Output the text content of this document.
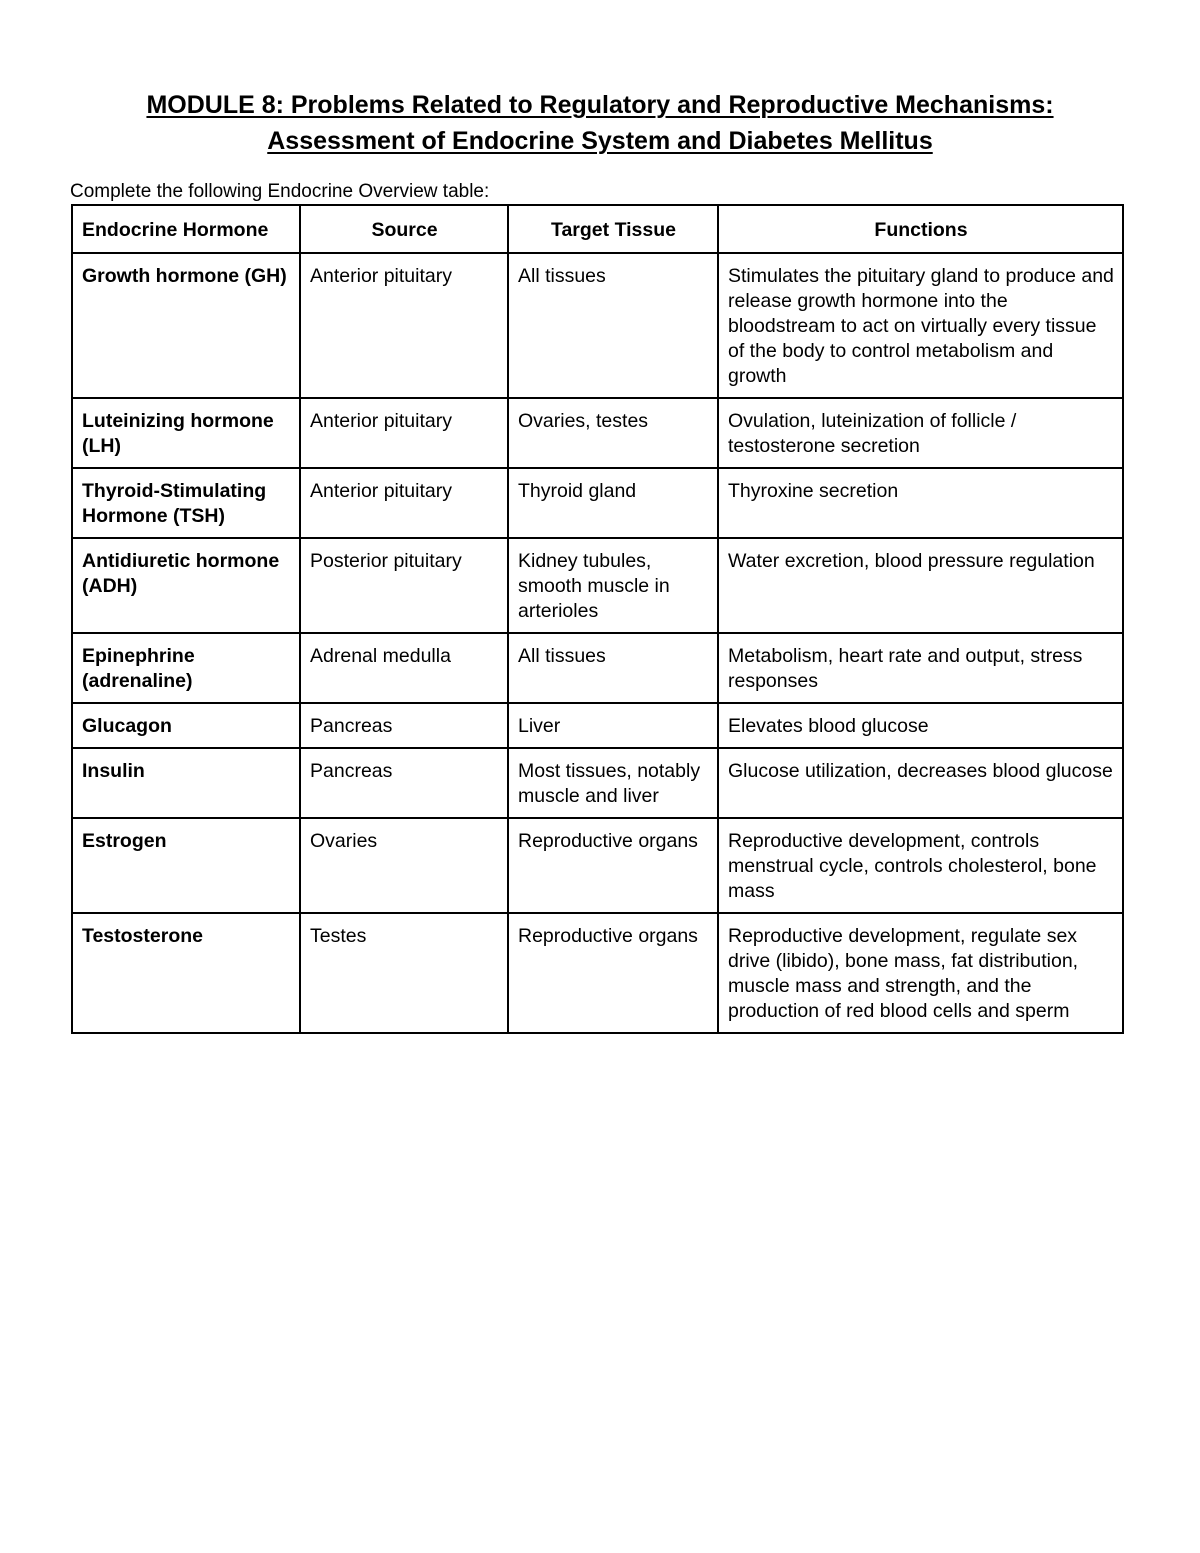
MODULE 8: Problems Related to Regulatory and Reproductive Mechanisms:
Assessment of Endocrine System and Diabetes Mellitus
Complete the following Endocrine Overview table:
Endocrine Hormone	Source	Target Tissue	Functions
Growth hormone (GH)	Anterior pituitary	All tissues	Stimulates the pituitary gland to produce and release growth hormone into the bloodstream to act on virtually every tissue of the body to control metabolism and growth
Luteinizing hormone (LH)	Anterior pituitary	Ovaries, testes	Ovulation, luteinization of follicle / testosterone secretion
Thyroid-Stimulating Hormone (TSH)	Anterior pituitary	Thyroid gland	Thyroxine secretion
Antidiuretic hormone (ADH)	Posterior pituitary	Kidney tubules, smooth muscle in arterioles	Water excretion, blood pressure regulation
Epinephrine (adrenaline)	Adrenal medulla	All tissues	Metabolism, heart rate and output, stress responses
Glucagon	Pancreas	Liver	Elevates blood glucose
Insulin	Pancreas	Most tissues, notably muscle and liver	Glucose utilization, decreases blood glucose
Estrogen	Ovaries	Reproductive organs	Reproductive development, controls menstrual cycle, controls cholesterol, bone mass
Testosterone	Testes	Reproductive organs	Reproductive development, regulate sex drive (libido), bone mass, fat distribution, muscle mass and strength, and the production of red blood cells and sperm
